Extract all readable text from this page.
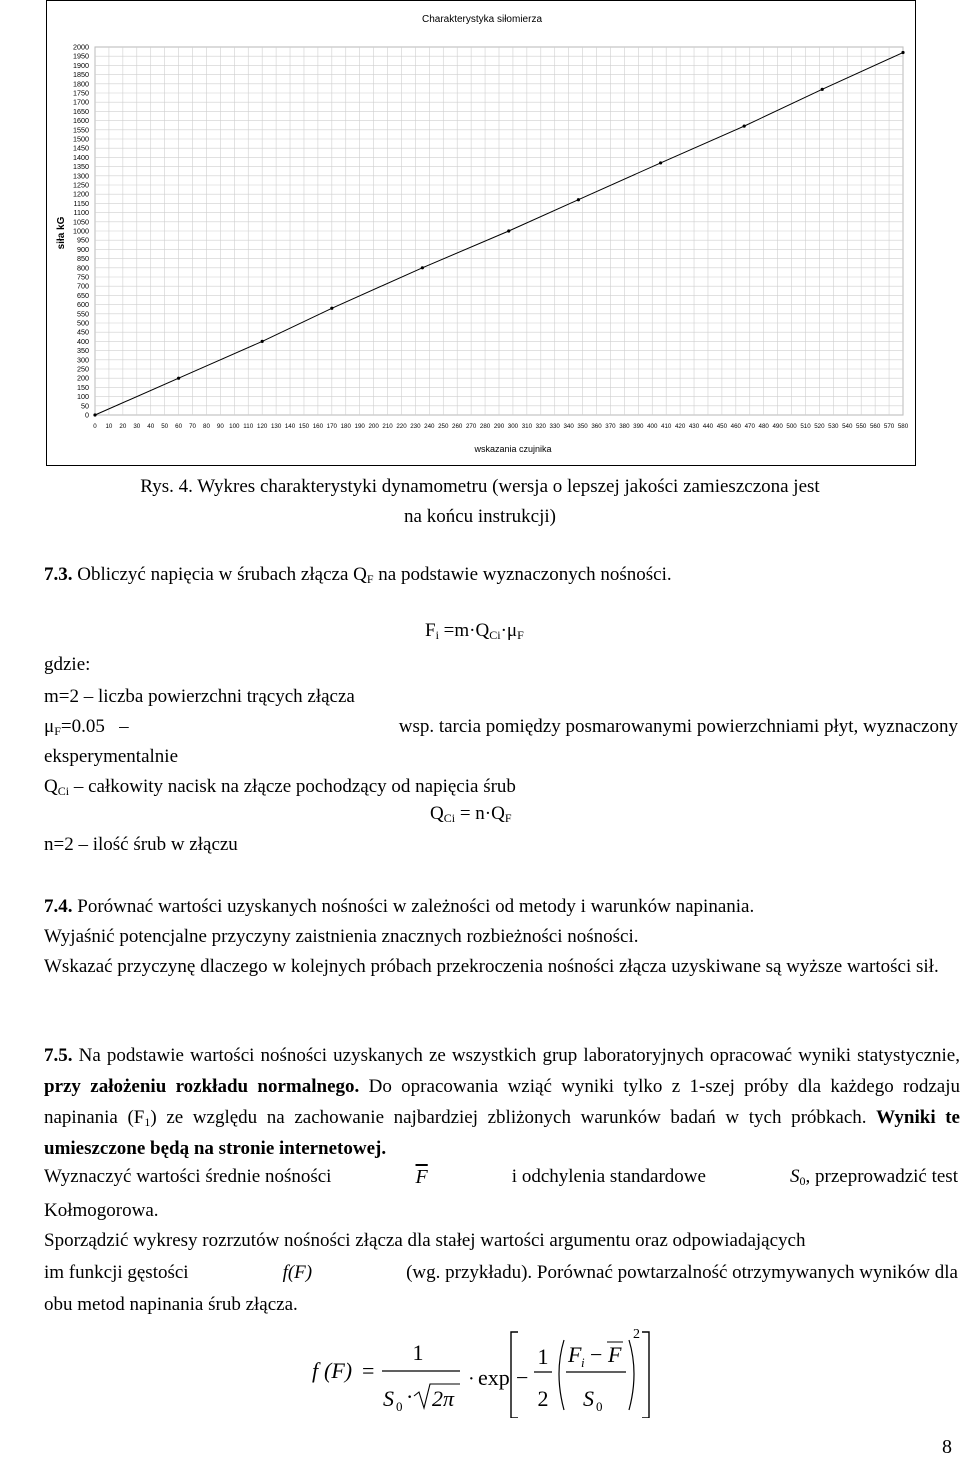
Charakterystyka siłomierza
siła kG
wskazania czujnika
0 10 20 30 40 50 60 70 80 90 100 110 120 130 140 150 160 170 180 190 200 210 220 230 240 250 260 270 280 290 300 310 320 330 340 350 360 370 380 390 400 410 420 430 440 450 460 470 480 490 500 510 520 530 540 550 560 570 580
0
50
100
150
200
250
300
350
400
450
500
550
600
650
700
750
800
850
900
950
1000
1050
1100
1150
1200
1250
1300
1350
1400
1450
1500
1550
1600
1650
1700
1750
1800
1850
1900
1950
2000
Rys. 4. Wykres charakterystyki dynamometru (wersja o lepszej jakości zamieszczona jest na końcu instrukcji)
7.3. Obliczyć napięcia w śrubach złącza $Q_F$ na podstawie wyznaczonych nośności.
$F_i =m\cdot Q_{Ci}\cdot\mu_F$
gdzie:
m=2 – liczba powierzchni trących złącza
$\mu_F=0.05$ –	wsp. tarcia pomiędzy posmarowanymi powierzchniami płyt, wyznaczony
eksperymentalnie
$Q_{Ci}$ – całkowity nacisk na złącze pochodzący od napięcia śrub
$Q_{Ci} = n\cdot Q_F$
n=2 – ilość śrub w złączu
7.4. Porównać wartości uzyskanych nośności w zależności od metody i warunków napinania.
Wyjaśnić potencjalne przyczyny zaistnienia znacznych rozbieżności nośności.
Wskazać przyczynę dlaczego w kolejnych próbach przekroczenia nośności złącza uzyskiwane są wyższe wartości sił.
7.5. Na podstawie wartości nośności uzyskanych ze wszystkich grup laboratoryjnych opracować wyniki statystycznie, przy założeniu rozkładu normalnego. Do opracowania wziąć wyniki tylko z 1-szej próby dla każdego rodzaju napinania $(F_1)$ ze względu na zachowanie najbardziej zbliżonych warunków badań w tych próbkach. Wyniki te umieszczone będą na stronie internetowej.
Wyznaczyć wartości średnie nośności	$\overline{F}$	i odchylenia standardowe	$S_0$, przeprowadzić test
Kołmogorowa.
Sporządzić wykresy rozrzutów nośności złącza dla stałej wartości argumentu oraz odpowiadających
im funkcji gęstości	f(F)	(wg. przykładu). Porównać powtarzalność otrzymywanych wyników dla
obu metod napinania śrub złącza.
f (F) =
1
S 0 · 2π
· exp −
1
2
F i − F
S 0
2
8
